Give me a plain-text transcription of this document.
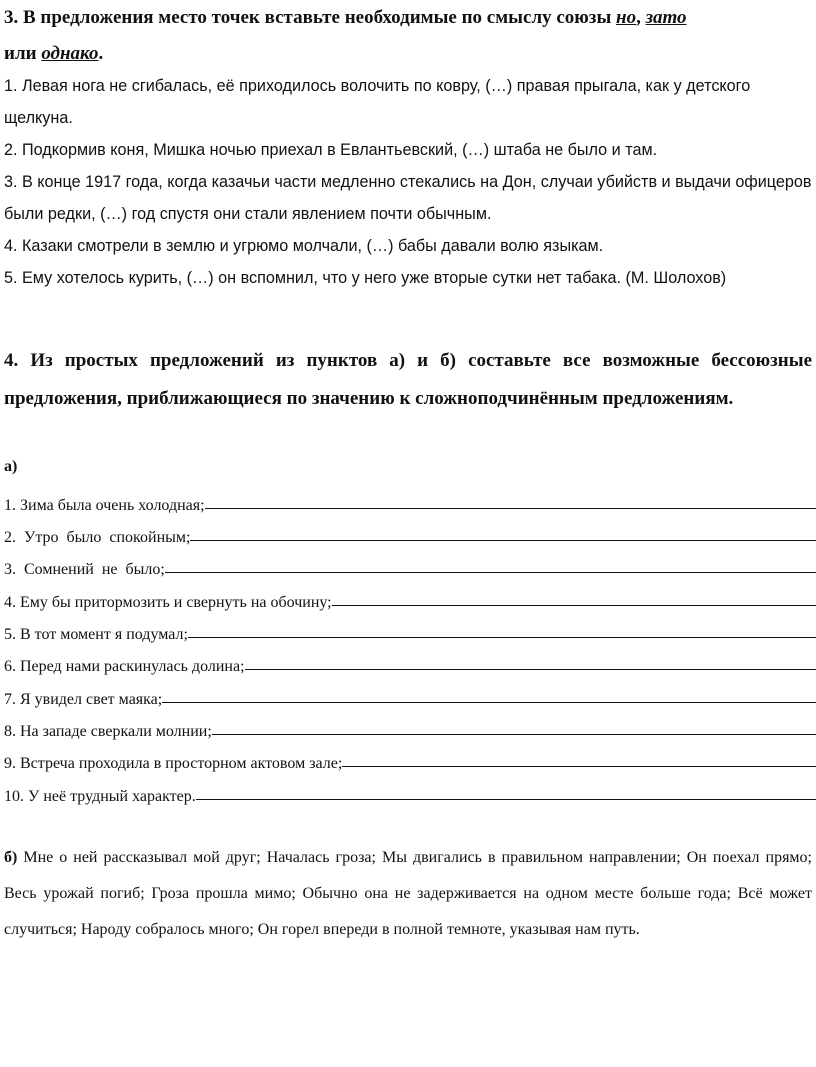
3. В предложения место точек вставьте необходимые по смыслу союзы но, зато
или однако.

1. Левая нога не сгибалась, её приходилось волочить по ковру, (…) правая прыгала, как у детского щелкуна.

2. Подкормив коня, Мишка ночью приехал в Евлантьевский, (…) штаба не было и там.

3. В конце 1917 года, когда казачьи части медленно стекались на Дон, случаи убийств и выдачи офицеров были редки, (…) год спустя они стали явлением почти обычным.

4. Казаки смотрели в землю и угрюмо молчали, (…) бабы давали волю языкам.

5. Ему хотелось курить, (…) он вспомнил, что у него уже вторые сутки нет табака. (М. Шолохов)

4. Из простых предложений из пунктов а) и б) составьте все возможные бессоюзные предложения, приближающиеся по значению к сложноподчинённым предложениям.
а)
1. Зима была очень холодная;
2.  Утро  было  спокойным;
3.  Сомнений  не  было;
4. Ему бы притормозить и свернуть на обочину;
5. В тот момент я подумал;
6. Перед нами раскинулась долина;
7. Я увидел свет маяка;
8. На западе сверкали молнии;
9. Встреча проходила в просторном актовом зале;
10. У неё трудный характер.
б) Мне о ней рассказывал мой друг; Началась гроза; Мы двигались в правильном направлении; Он поехал прямо; Весь урожай погиб; Гроза прошла мимо; Обычно она не задерживается на одном месте больше года; Всё может случиться; Народу собралось много; Он горел впереди в полной темноте, указывая нам путь.
